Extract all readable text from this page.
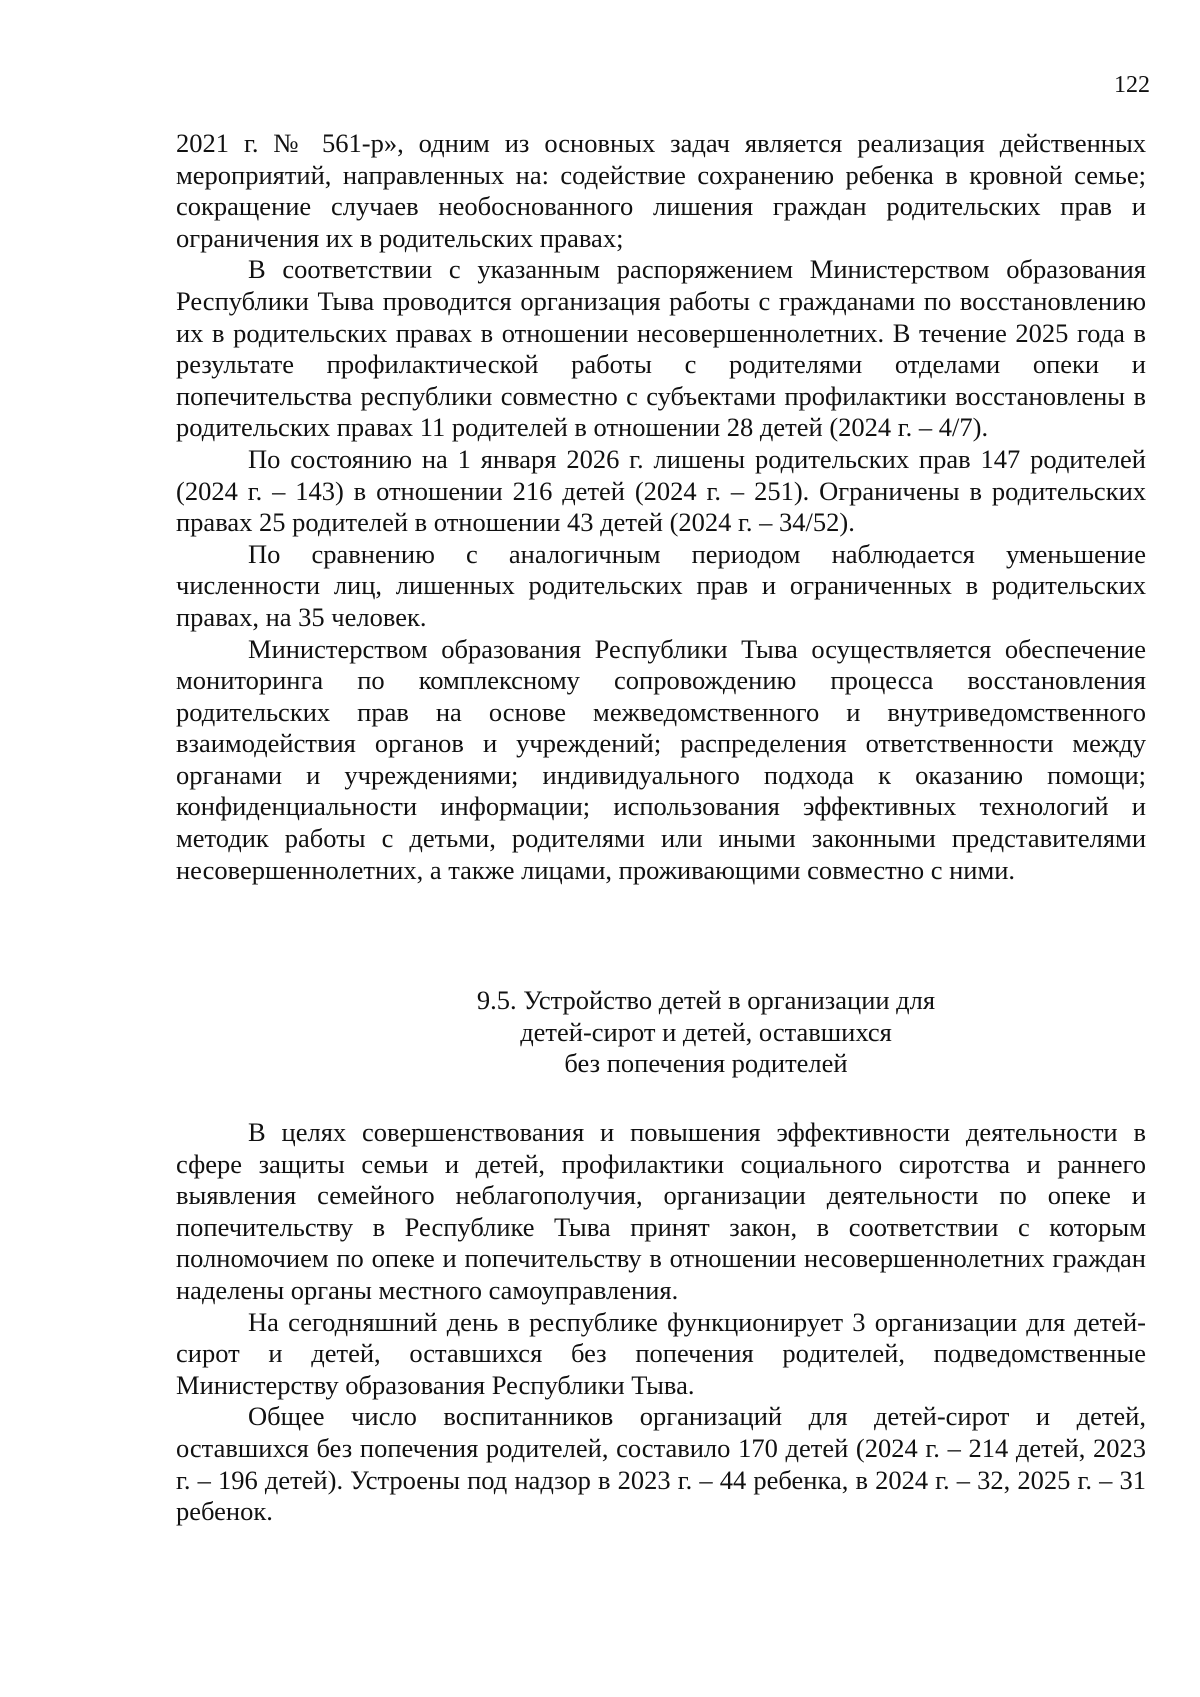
122

2021 г. № 561-р», одним из основных задач является реализация действенных мероприятий, направленных на: содействие сохранению ребенка в кровной семье; сокращение случаев необоснованного лишения граждан родительских прав и ограничения их в родительских правах;

В соответствии с указанным распоряжением Министерством образования Республики Тыва проводится организация работы с гражданами по восстановлению их в родительских правах в отношении несовершеннолетних. В течение 2025 года в результате профилактической работы с родителями отделами опеки и попечительства республики совместно с субъектами профилактики восстановлены в родительских правах 11 родителей в отношении 28 детей (2024 г. – 4/7).

По состоянию на 1 января 2026 г. лишены родительских прав 147 родителей (2024 г. – 143) в отношении 216 детей (2024 г. – 251). Ограничены в родительских правах 25 родителей в отношении 43 детей (2024 г. – 34/52).

По сравнению с аналогичным периодом наблюдается уменьшение численности лиц, лишенных родительских прав и ограниченных в родительских правах, на 35 человек.

Министерством образования Республики Тыва осуществляется обеспечение мониторинга по комплексному сопровождению процесса восстановления родительских прав на основе межведомственного и внутриведомственного взаимодействия органов и учреждений; распределения ответственности между органами и учреждениями; индивидуального подхода к оказанию помощи; конфиденциальности информации; использования эффективных технологий и методик работы с детьми, родителями или иными законными представителями несовершеннолетних, а также лицами, проживающими совместно с ними.

9.5. Устройство детей в организации для
детей-сирот и детей, оставшихся
без попечения родителей

В целях совершенствования и повышения эффективности деятельности в сфере защиты семьи и детей, профилактики социального сиротства и раннего выявления семейного неблагополучия, организации деятельности по опеке и попечительству в Республике Тыва принят закон, в соответствии с которым полномочием по опеке и попечительству в отношении несовершеннолетних граждан наделены органы местного самоуправления.

На сегодняшний день в республике функционирует 3 организации для детей-сирот и детей, оставшихся без попечения родителей, подведомственные Министерству образования Республики Тыва.

Общее число воспитанников организаций для детей-сирот и детей, оставшихся без попечения родителей, составило 170 детей (2024 г. – 214 детей, 2023 г. – 196 детей). Устроены под надзор в 2023 г. – 44 ребенка, в 2024 г. – 32, 2025 г. – 31 ребенок.
